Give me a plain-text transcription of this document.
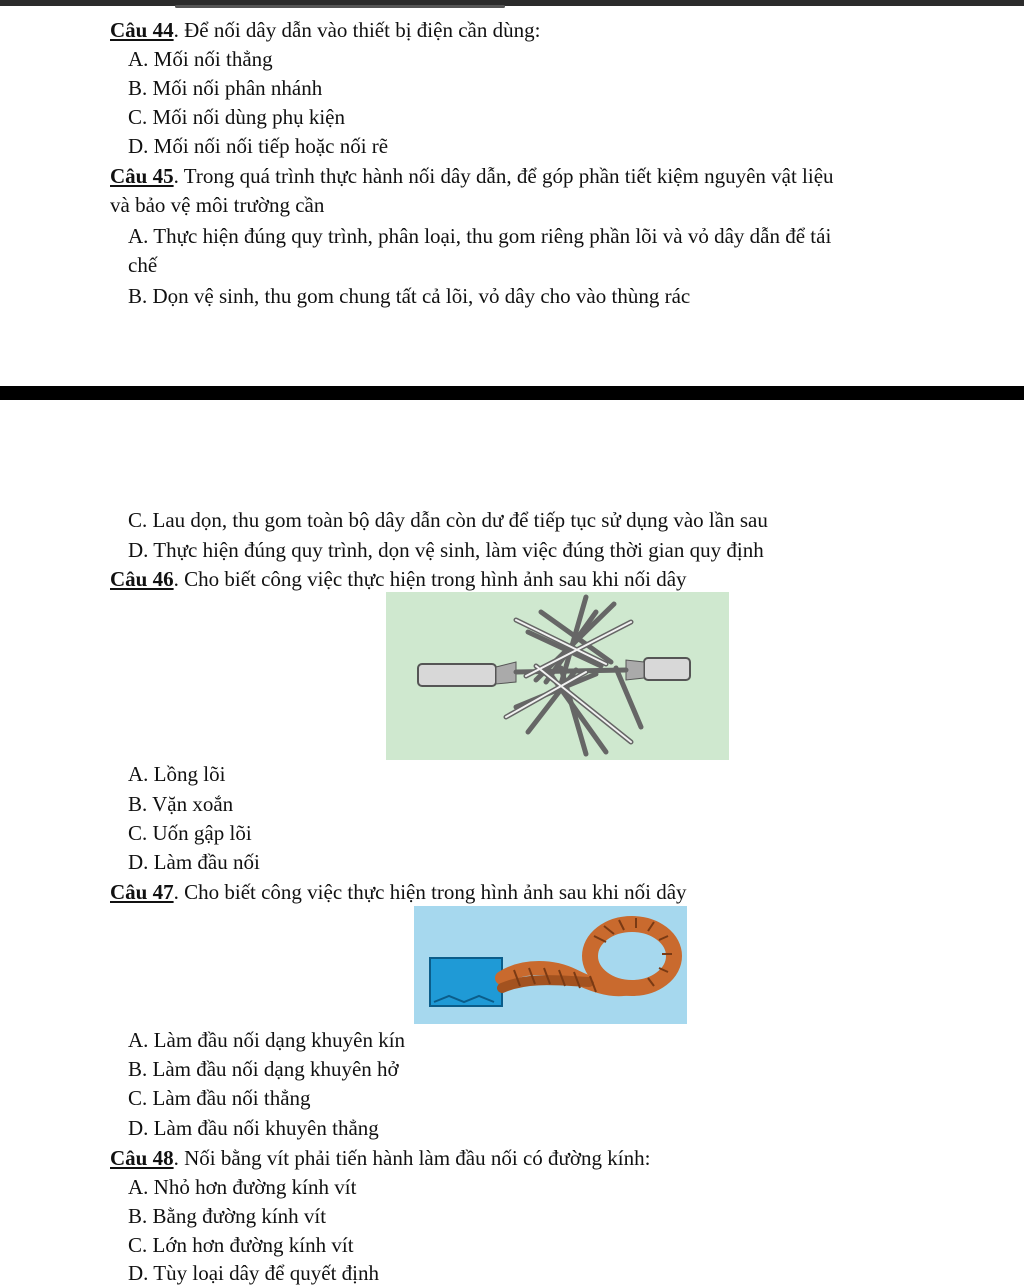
Câu 44. Để nối dây dẫn vào thiết bị điện cần dùng:
A. Mối nối thẳng
B. Mối nối phân nhánh
C. Mối nối dùng phụ kiện
D. Mối nối nối tiếp hoặc nối rẽ
Câu 45. Trong quá trình thực hành nối dây dẫn, để góp phần tiết kiệm nguyên vật liệu
và bảo vệ môi trường cần
A. Thực hiện đúng quy trình, phân loại, thu gom riêng phần lõi và vỏ dây dẫn để tái
chế
B. Dọn vệ sinh, thu gom chung tất cả lõi, vỏ dây cho vào thùng rác
C. Lau dọn, thu gom toàn bộ dây dẫn còn dư để tiếp tục sử dụng vào lần sau
D. Thực hiện đúng quy trình, dọn vệ sinh, làm việc đúng thời gian quy định
Câu 46. Cho biết công việc thực hiện trong hình ảnh sau khi nối dây
A. Lồng lõi
B. Vặn xoắn
C. Uốn gập lõi
D. Làm đầu nối
Câu 47. Cho biết công việc thực hiện trong hình ảnh sau khi nối dây
A. Làm đầu nối dạng khuyên kín
B. Làm đầu nối dạng khuyên hở
C. Làm đầu nối thẳng
D. Làm đầu nối khuyên thẳng
Câu 48. Nối bằng vít phải tiến hành làm đầu nối có đường kính:
A. Nhỏ hơn đường kính vít
B. Bằng đường kính vít
C. Lớn hơn đường kính vít
D. Tùy loại dây để quyết định
